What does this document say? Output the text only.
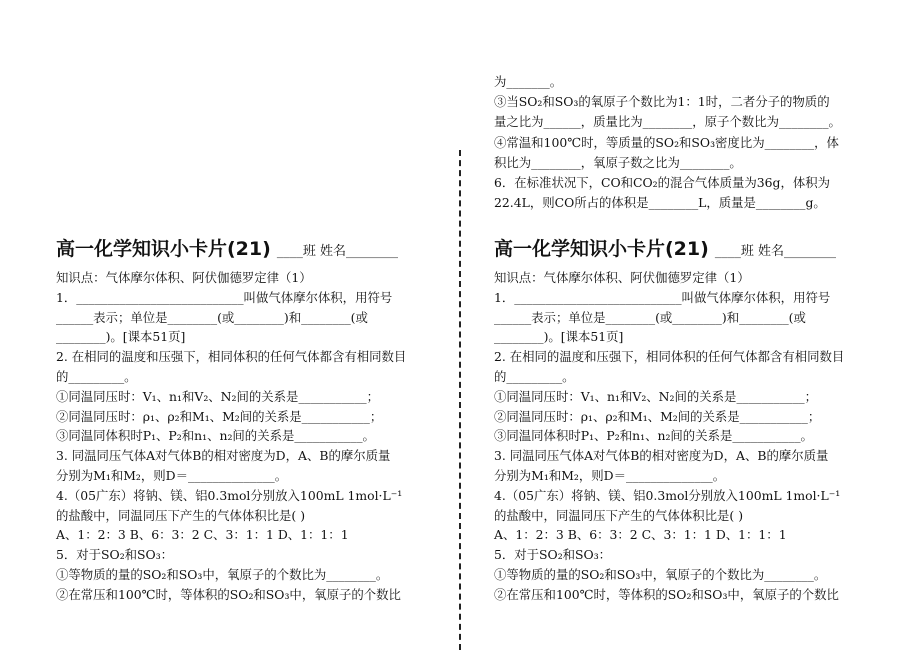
高一化学知识小卡片(21) ____班 姓名________
知识点：气体摩尔体积、阿伏伽德罗定律（1）
1．___________________________叫做气体摩尔体积，用符号
______表示；单位是________(或________)和________(或
________)。[课本51页]
2. 在相同的温度和压强下，相同体积的任何气体都含有相同数目
的_________。
①同温同压时：V₁、n₁和V₂、N₂间的关系是___________；
②同温同压时：ρ₁、ρ₂和M₁、M₂间的关系是___________；
③同温同体积时P₁、P₂和n₁、n₂间的关系是___________。
3. 同温同压气体A对气体B的相对密度为D，A、B的摩尔质量
分别为M₁和M₂，则D＝______________。
4.（05广东）将钠、镁、铝0.3mol分别放入100mL 1mol·L⁻¹
的盐酸中，同温同压下产生的气体体积比是( )
A、1：2：3 B、6：3：2 C、3：1：1 D、1：1：1
5．对于SO₂和SO₃：
①等物质的量的SO₂和SO₃中，氧原子的个数比为________。
②在常压和100℃时，等体积的SO₂和SO₃中，氧原子的个数比
为_______。
③当SO₂和SO₃的氧原子个数比为1：1时，二者分子的物质的
量之比为______，质量比为________，原子个数比为________。
④常温和100℃时，等质量的SO₂和SO₃密度比为________，体
积比为________，氧原子数之比为________。
6．在标准状况下，CO和CO₂的混合气体质量为36g，体积为
22.4L，则CO所占的体积是________L，质量是________g。
高一化学知识小卡片(21) ____班 姓名________
知识点：气体摩尔体积、阿伏伽德罗定律（1）
1．___________________________叫做气体摩尔体积，用符号
______表示；单位是________(或________)和________(或
________)。[课本51页]
2. 在相同的温度和压强下，相同体积的任何气体都含有相同数目
的_________。
①同温同压时：V₁、n₁和V₂、N₂间的关系是___________；
②同温同压时：ρ₁、ρ₂和M₁、M₂间的关系是___________；
③同温同体积时P₁、P₂和n₁、n₂间的关系是___________。
3. 同温同压气体A对气体B的相对密度为D，A、B的摩尔质量
分别为M₁和M₂，则D＝______________。
4.（05广东）将钠、镁、铝0.3mol分别放入100mL 1mol·L⁻¹
的盐酸中，同温同压下产生的气体体积比是( )
A、1：2：3 B、6：3：2 C、3：1：1 D、1：1：1
5．对于SO₂和SO₃：
①等物质的量的SO₂和SO₃中，氧原子的个数比为________。
②在常压和100℃时，等体积的SO₂和SO₃中，氧原子的个数比
